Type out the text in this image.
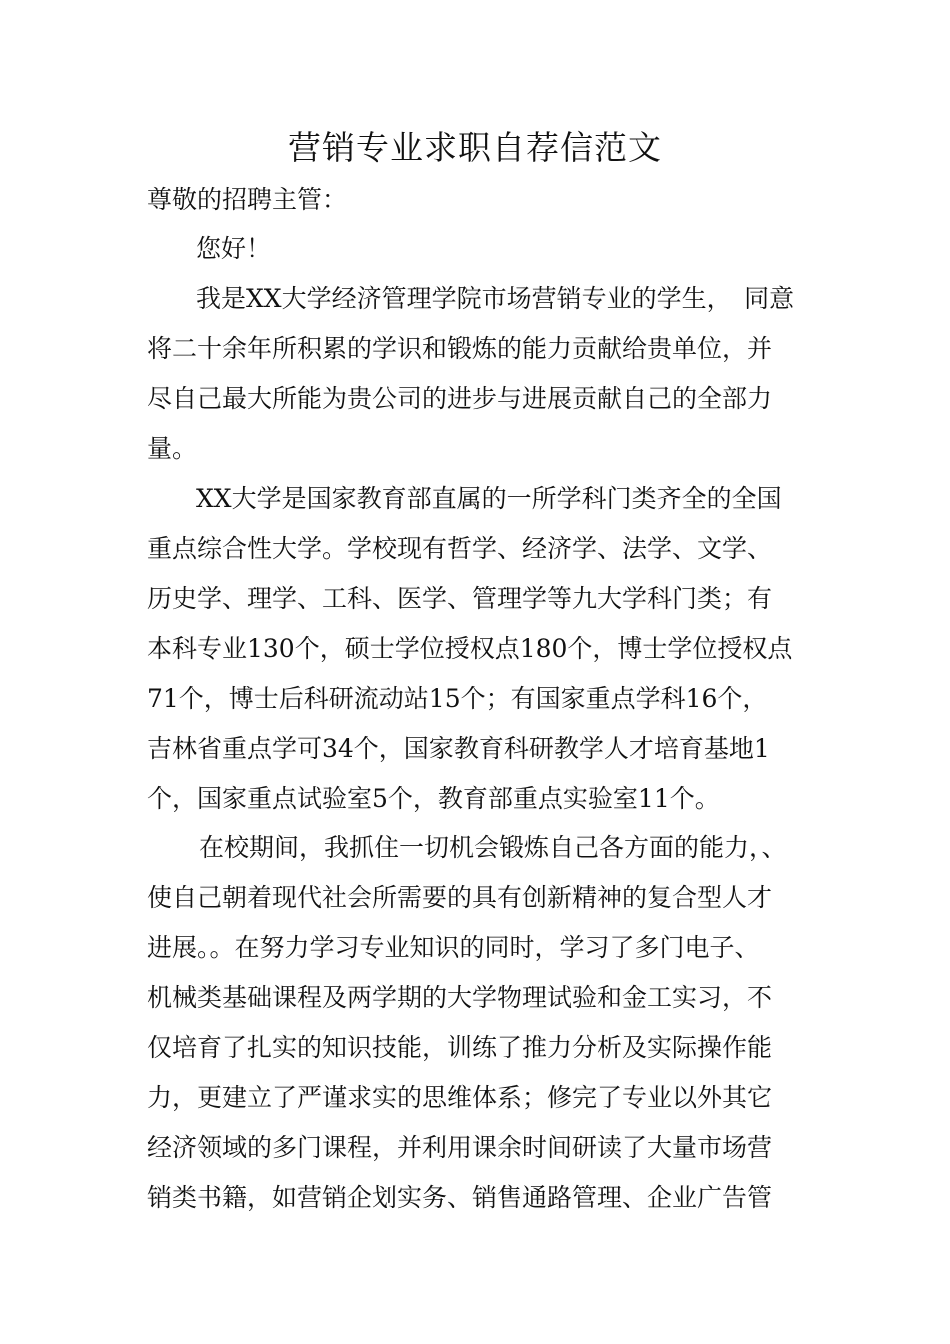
营销专业求职自荐信范文
尊敬的招聘主管：
您好！
我是XX大学经济管理学院市场营销专业的学生，　同意
将二十余年所积累的学识和锻炼的能力贡献给贵单位，并
尽自己最大所能为贵公司的进步与进展贡献自己的全部力
量。
XX大学是国家教育部直属的一所学科门类齐全的全国
重点综合性大学。学校现有哲学、经济学、法学、文学、
历史学、理学、工科、医学、管理学等九大学科门类；有
本科专业130个，硕士学位授权点180个，博士学位授权点
71个，博士后科研流动站15个；有国家重点学科16个，
吉林省重点学可34个，国家教育科研教学人才培育基地1
个，国家重点试验室5个，教育部重点实验室11个。
在校期间，我抓住一切机会锻炼自己各方面的能力，、
使自己朝着现代社会所需要的具有创新精神的复合型人才
进展。。在努力学习专业知识的同时，学习了多门电子、
机械类基础课程及两学期的大学物理试验和金工实习，不
仅培育了扎实的知识技能，训练了推力分析及实际操作能
力，更建立了严谨求实的思维体系；修完了专业以外其它
经济领域的多门课程，并利用课余时间研读了大量市场营
销类书籍，如营销企划实务、销售通路管理、企业广告管
